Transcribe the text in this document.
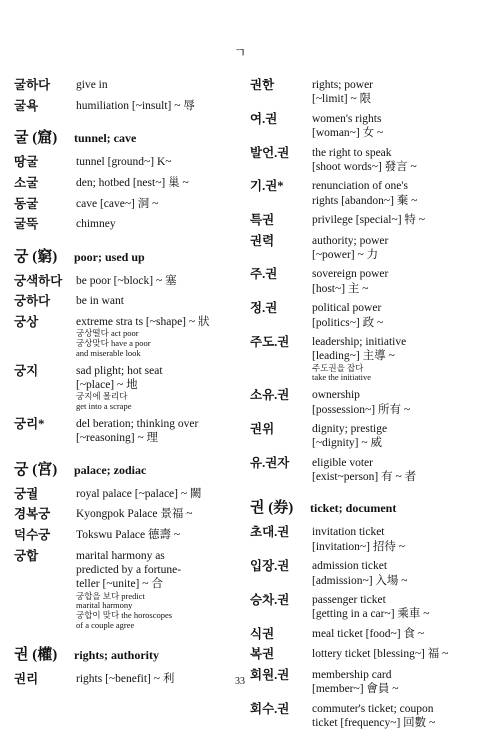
ㄱ
굴하다	give in
굴욕	humiliation [~insult] ~ 辱
굴 (窟)	tunnel; cave
땅굴	tunnel [ground~] K~
소굴	den; hotbed [nest~] 巢 ~
동굴	cave [cave~] 洞 ~
굴뚝	chimney
궁 (窮)	poor; used up
궁색하다	be poor [~block] ~ 塞
궁하다	be in want
궁상	extreme stra ts [~shape] ~ 狀
궁상떨다 act poor
궁상맞다 have a poor
and miserable look
궁지	sad plight; hot seat
[~place] ~ 地
궁지에 몰리다
get into a scrape
궁리*	del beration; thinking over
[~reasoning] ~ 理
궁 (宮)	palace; zodiac
궁궐	royal palace [~palace] ~ 闕
경복궁	Kyongpok Palace 景福 ~
덕수궁	Tokswu Palace 德壽 ~
궁합	marital harmony as
predicted by a fortune-
teller [~unite] ~ 合
궁합을 보다 predict
marital harmony
궁합이 맞다 the horoscopes
of a couple agree
권 (權)	rights; authority
권리	rights [~benefit] ~ 利
권한	rights; power
[~limit] ~ 限
여.권	women's rights
[woman~] 女 ~
발언.권	the right to speak
[shoot words~] 發言 ~
기.권*	renunciation of one's
rights [abandon~] 棄 ~
특권	privilege [special~] 特 ~
권력	authority; power
[~power] ~ 力
주.권	sovereign power
[host~] 主 ~
정.권	political power
[politics~] 政 ~
주도.권	leadership; initiative
[leading~] 主導 ~
주도권을 잡다
take the initiative
소유.권	ownership
[possession~] 所有 ~
권위	dignity; prestige
[~dignity] ~ 威
유.권자	eligible voter
[exist~person] 有 ~ 者
권 (券)	ticket; document
초대.권	invitation ticket
[invitation~] 招待 ~
입장.권	admission ticket
[admission~] 入場 ~
승차.권	passenger ticket
[getting in a car~] 乘車 ~
식권	meal ticket [food~] 食 ~
복권	lottery ticket [blessing~] 福 ~
회원.권	membership card
[member~] 會員 ~
회수.권	commuter's ticket; coupon
ticket [frequency~] 回數 ~
33
